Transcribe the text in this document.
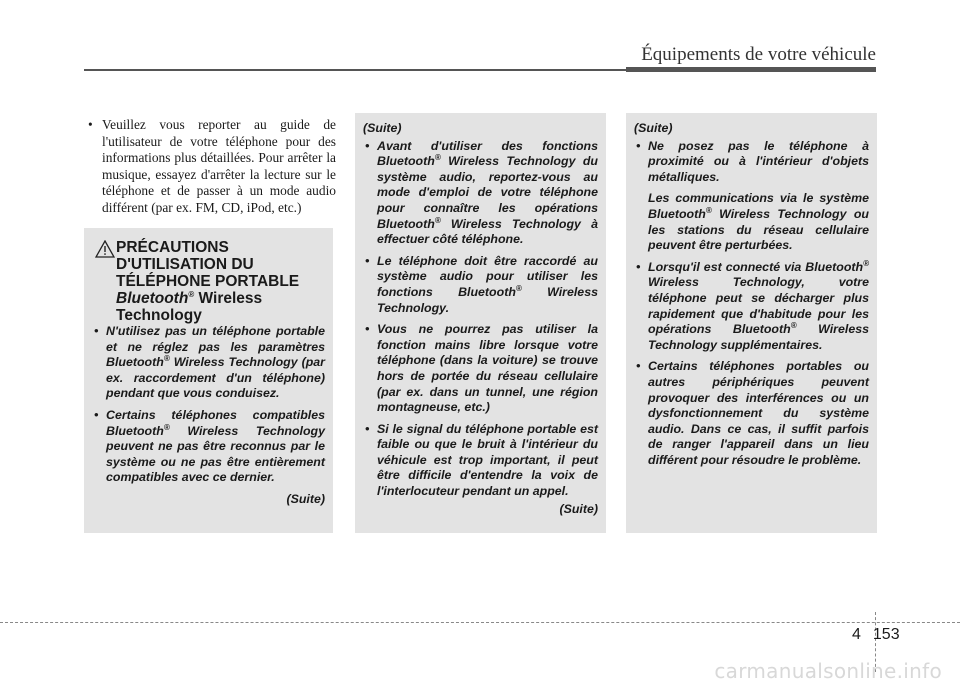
Équipements de votre véhicule
• Veuillez vous reporter au guide de l'utilisateur de votre téléphone pour des informations plus détaillées. Pour arrêter la musique, essayez d'arrêter la lecture sur le téléphone et de passer à un mode audio différent (par ex. FM, CD, iPod, etc.)
PRÉCAUTIONS
D'UTILISATION DU
TÉLÉPHONE PORTABLE
Bluetooth® Wireless
Technology
• N'utilisez pas un téléphone portable et ne réglez pas les paramètres Bluetooth® Wireless Technology (par ex. raccordement d'un téléphone) pendant que vous conduisez.
• Certains téléphones compatibles Bluetooth® Wireless Technology peuvent ne pas être reconnus par le système ou ne pas être entièrement compatibles avec ce dernier.
(Suite)
(Suite)
• Avant d'utiliser des fonctions Bluetooth® Wireless Technology du système audio, reportez-vous au mode d'emploi de votre téléphone pour connaître les opérations Bluetooth® Wireless Technology à effectuer côté téléphone.
• Le téléphone doit être raccordé au système audio pour utiliser les fonctions Bluetooth® Wireless Technology.
• Vous ne pourrez pas utiliser la fonction mains libre lorsque votre téléphone (dans la voiture) se trouve hors de portée du réseau cellulaire (par ex. dans un tunnel, une région montagneuse, etc.)
• Si le signal du téléphone portable est faible ou que le bruit à l'intérieur du véhicule est trop important, il peut être difficile d'entendre la voix de l'interlocuteur pendant un appel.
(Suite)
(Suite)
• Ne posez pas le téléphone à proximité ou à l'intérieur d'objets métalliques.
Les communications via le système Bluetooth® Wireless Technology ou les stations du réseau cellulaire peuvent être perturbées.
• Lorsqu'il est connecté via Bluetooth® Wireless Technology, votre téléphone peut se décharger plus rapidement que d'habitude pour les opérations Bluetooth® Wireless Technology supplémentaires.
• Certains téléphones portables ou autres périphériques peuvent provoquer des interférences ou un dysfonctionnement du système audio. Dans ce cas, il suffit parfois de ranger l'appareil dans un lieu différent pour résoudre le problème.
4 153
carmanualsonline.info
